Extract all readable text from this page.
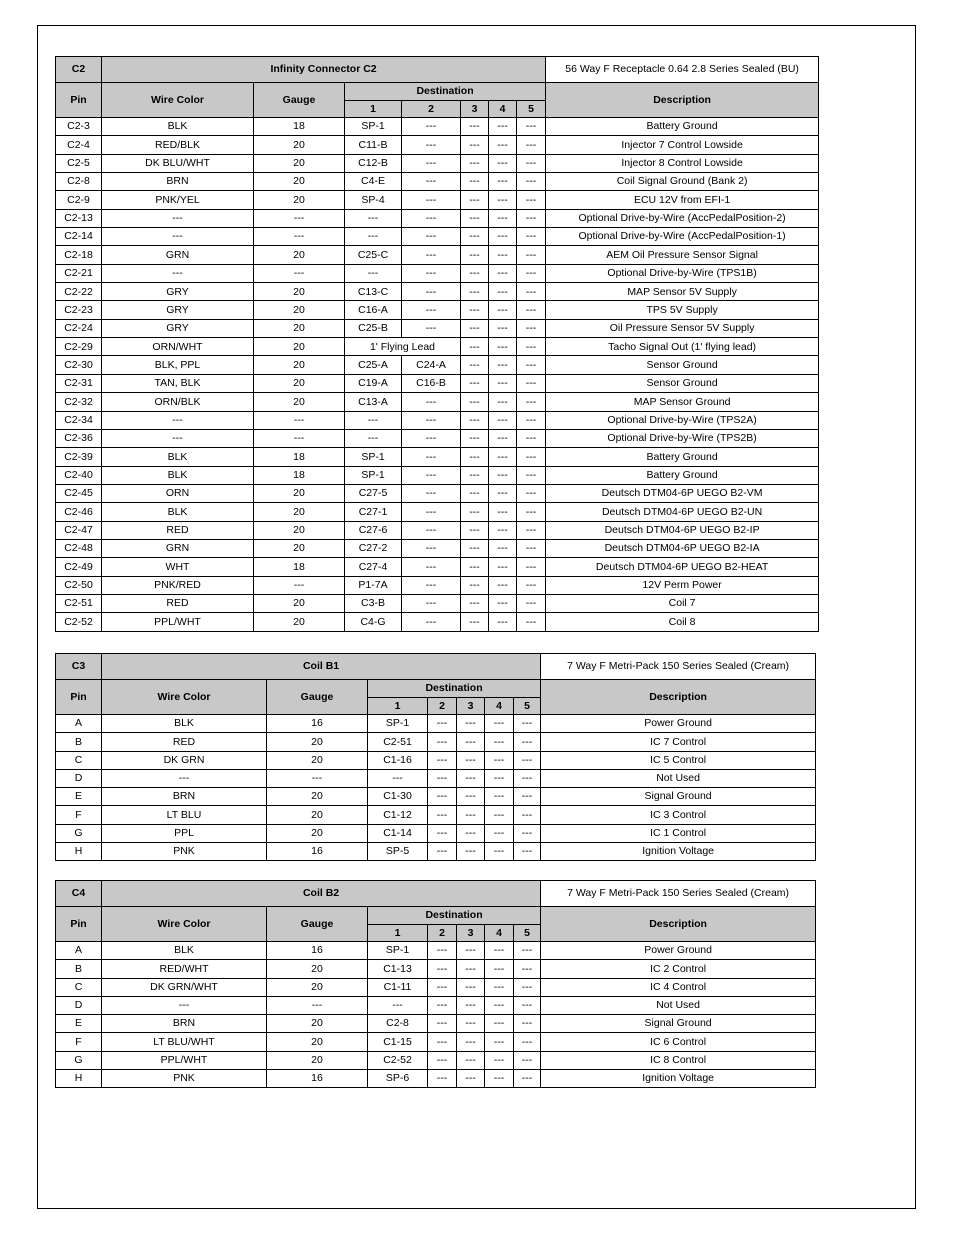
C2	Infinity Connector C2							56 Way F Receptacle 0.64 2.8 Series Sealed (BU)
Pin	Wire Color	Gauge	Destination					Description
			1	2	3	4	5	
C2-3	BLK	18	SP-1	---	---	---	---	Battery Ground
C2-4	RED/BLK	20	C11-B	---	---	---	---	Injector 7 Control Lowside
C2-5	DK BLU/WHT	20	C12-B	---	---	---	---	Injector 8 Control Lowside
C2-8	BRN	20	C4-E	---	---	---	---	Coil Signal Ground (Bank 2)
C2-9	PNK/YEL	20	SP-4	---	---	---	---	ECU 12V from EFI-1
C2-13	---	---	---	---	---	---	---	Optional Drive-by-Wire (AccPedalPosition-2)
C2-14	---	---	---	---	---	---	---	Optional Drive-by-Wire (AccPedalPosition-1)
C2-18	GRN	20	C25-C	---	---	---	---	AEM Oil Pressure Sensor Signal
C2-21	---	---	---	---	---	---	---	Optional Drive-by-Wire (TPS1B)
C2-22	GRY	20	C13-C	---	---	---	---	MAP Sensor 5V Supply
C2-23	GRY	20	C16-A	---	---	---	---	TPS 5V Supply
C2-24	GRY	20	C25-B	---	---	---	---	Oil Pressure Sensor 5V Supply
C2-29	ORN/WHT	20	1' Flying Lead		---	---	---	Tacho Signal Out (1' flying lead)
C2-30	BLK, PPL	20	C25-A	C24-A	---	---	---	Sensor Ground
C2-31	TAN, BLK	20	C19-A	C16-B	---	---	---	Sensor Ground
C2-32	ORN/BLK	20	C13-A	---	---	---	---	MAP Sensor Ground
C2-34	---	---	---	---	---	---	---	Optional Drive-by-Wire (TPS2A)
C2-36	---	---	---	---	---	---	---	Optional Drive-by-Wire (TPS2B)
C2-39	BLK	18	SP-1	---	---	---	---	Battery Ground
C2-40	BLK	18	SP-1	---	---	---	---	Battery Ground
C2-45	ORN	20	C27-5	---	---	---	---	Deutsch DTM04-6P UEGO B2-VM
C2-46	BLK	20	C27-1	---	---	---	---	Deutsch DTM04-6P UEGO B2-UN
C2-47	RED	20	C27-6	---	---	---	---	Deutsch DTM04-6P UEGO B2-IP
C2-48	GRN	20	C27-2	---	---	---	---	Deutsch DTM04-6P UEGO B2-IA
C2-49	WHT	18	C27-4	---	---	---	---	Deutsch DTM04-6P UEGO B2-HEAT
C2-50	PNK/RED	---	P1-7A	---	---	---	---	12V Perm Power
C2-51	RED	20	C3-B	---	---	---	---	Coil 7
C2-52	PPL/WHT	20	C4-G	---	---	---	---	Coil 8
C3	Coil B1							7 Way F Metri-Pack 150 Series Sealed (Cream)
Pin	Wire Color	Gauge	Destination					Description
			1	2	3	4	5	
A	BLK	16	SP-1	---	---	---	---	Power Ground
B	RED	20	C2-51	---	---	---	---	IC 7 Control
C	DK GRN	20	C1-16	---	---	---	---	IC 5 Control
D	---	---	---	---	---	---	---	Not Used
E	BRN	20	C1-30	---	---	---	---	Signal Ground
F	LT BLU	20	C1-12	---	---	---	---	IC 3 Control
G	PPL	20	C1-14	---	---	---	---	IC 1 Control
H	PNK	16	SP-5	---	---	---	---	Ignition Voltage
C4	Coil B2							7 Way F Metri-Pack 150 Series Sealed (Cream)
Pin	Wire Color	Gauge	Destination					Description
			1	2	3	4	5	
A	BLK	16	SP-1	---	---	---	---	Power Ground
B	RED/WHT	20	C1-13	---	---	---	---	IC 2 Control
C	DK GRN/WHT	20	C1-11	---	---	---	---	IC 4 Control
D	---	---	---	---	---	---	---	Not Used
E	BRN	20	C2-8	---	---	---	---	Signal Ground
F	LT BLU/WHT	20	C1-15	---	---	---	---	IC 6 Control
G	PPL/WHT	20	C2-52	---	---	---	---	IC 8 Control
H	PNK	16	SP-6	---	---	---	---	Ignition Voltage
